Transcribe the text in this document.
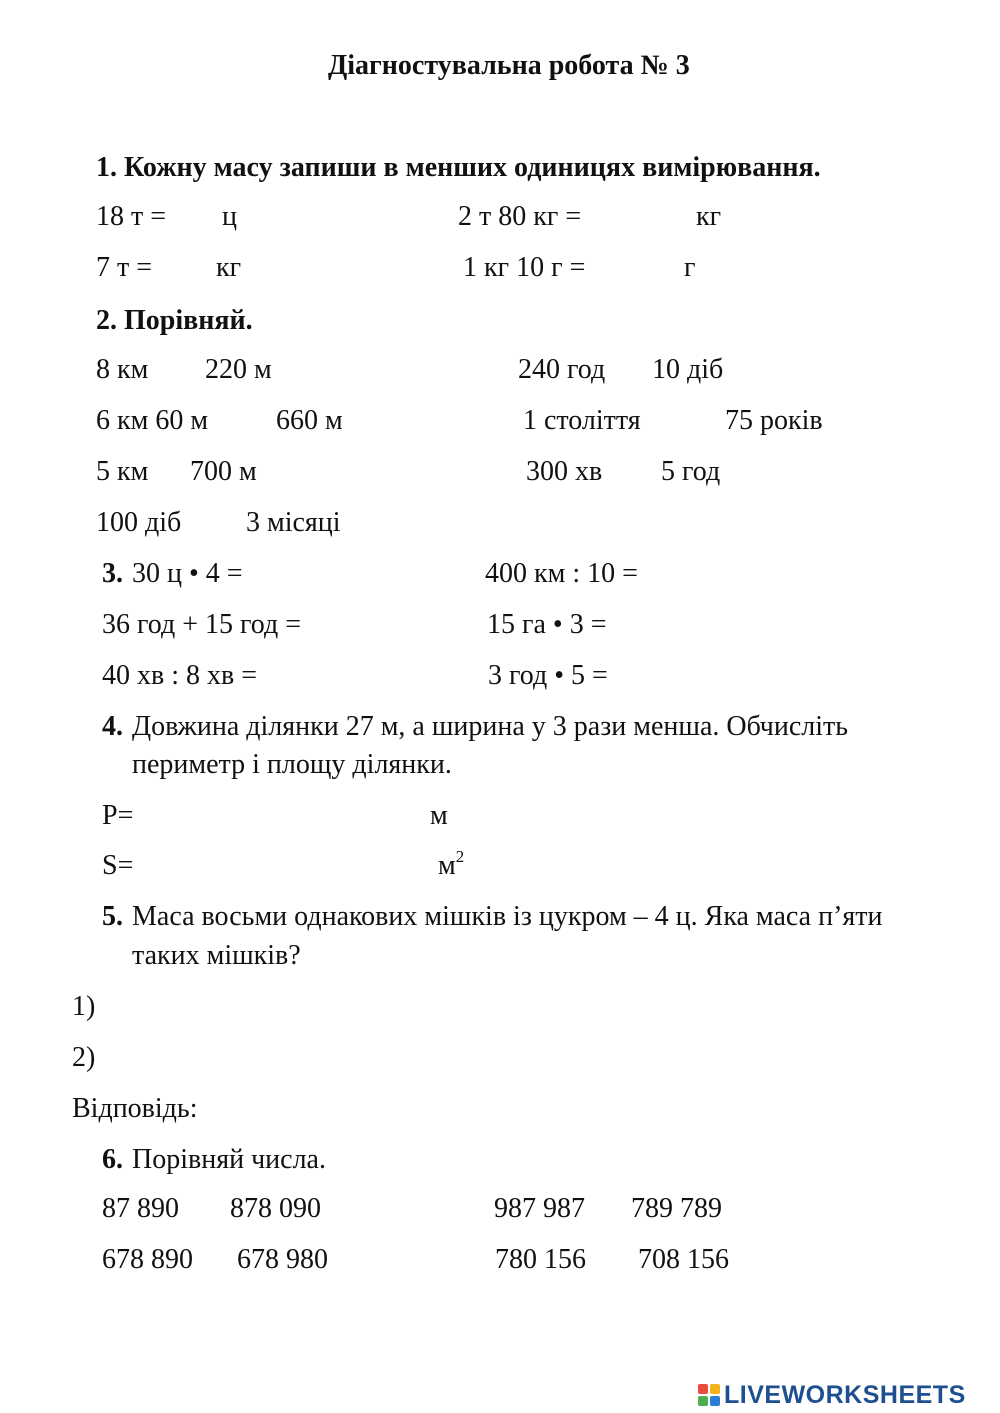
Діагностувальна робота № 3
1. Кожну масу запиши в менших одиницях вимірювання.
18 т = ц	2 т 80 кг =	кг
7 т = кг	1 кг 10 г =	г
2. Порівняй.
8 км 220 м	240 год 10 діб
6 км 60 м 660 м	1 століття	75 років
5 км 700 м	300 хв 5 год
100 діб 3 місяці
3. 30 ц • 4 =	400 км : 10 =
36 год + 15 год =	15 га • 3 =
40 хв : 8 хв =	3 год • 5 =
4. Довжина ділянки 27 м, а ширина у 3 рази менша. Обчисліть
периметр і площу ділянки.
P=	м
S=	$м^2$
5. Маса восьми однакових мішків із цукром – 4 ц. Яка маса п’яти
таких мішків?
1)
2)
Відповідь:
6. Порівняй числа.
87 890 878 090	987 987 789 789
678 890 678 980	780 156 708 156
LIVEWORKSHEETS
